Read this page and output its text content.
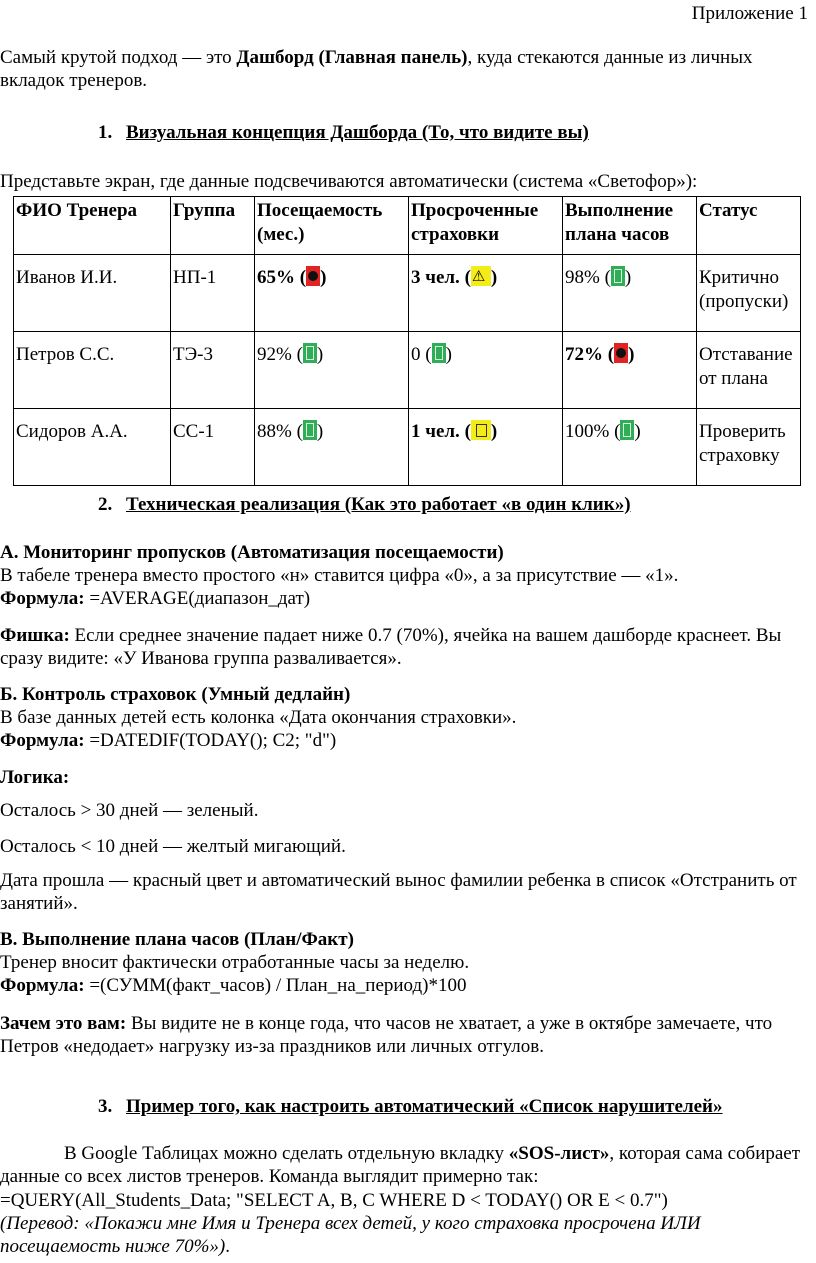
Приложение 1
Самый крутой подход — это Дашборд (Главная панель), куда стекаются данные из личных вкладок тренеров.
1. Визуальная концепция Дашборда (То, что видите вы)
Представьте экран, где данные подсвечиваются автоматически (система «Светофор»):
ФИО Тренера	Группа	Посещаемость (мес.)	Просроченные страховки	Выполнение плана часов	Статус
Иванов И.И.	НП-1	65% ( )	3 чел. ( ⚠ )	98% ( )	Критично (пропуски)
Петров С.С.	ТЭ-3	92% ( )	0 ( )	72% ( )	Отставание от плана
Сидоров А.А.	СС-1	88% ( )	1 чел. ( )	100% ( )	Проверить страховку
2. Техническая реализация (Как это работает «в один клик»)
А. Мониторинг пропусков (Автоматизация посещаемости)
В табеле тренера вместо простого «н» ставится цифра «0», а за присутствие — «1».
Формула: =AVERAGE(диапазон_дат)
Фишка: Если среднее значение падает ниже 0.7 (70%), ячейка на вашем дашборде краснеет. Вы сразу видите: «У Иванова группа разваливается».
Б. Контроль страховок (Умный дедлайн)
В базе данных детей есть колонка «Дата окончания страховки».
Формула: =DATEDIF(TODAY(); C2; "d")
Логика:
Осталось > 30 дней — зеленый.
Осталось < 10 дней — желтый мигающий.
Дата прошла — красный цвет и автоматический вынос фамилии ребенка в список «Отстранить от занятий».
В. Выполнение плана часов (План/Факт)
Тренер вносит фактически отработанные часы за неделю.
Формула: =(СУММ(факт_часов) / План_на_период)*100
Зачем это вам: Вы видите не в конце года, что часов не хватает, а уже в октябре замечаете, что Петров «недодает» нагрузку из-за праздников или личных отгулов.
3. Пример того, как настроить автоматический «Список нарушителей»
В Google Таблицах можно сделать отдельную вкладку «SOS-лист», которая сама собирает данные со всех листов тренеров. Команда выглядит примерно так:
=QUERY(All_Students_Data; "SELECT A, B, C WHERE D < TODAY() OR E < 0.7")
(Перевод: «Покажи мне Имя и Тренера всех детей, у кого страховка просрочена ИЛИ посещаемость ниже 70%»).
